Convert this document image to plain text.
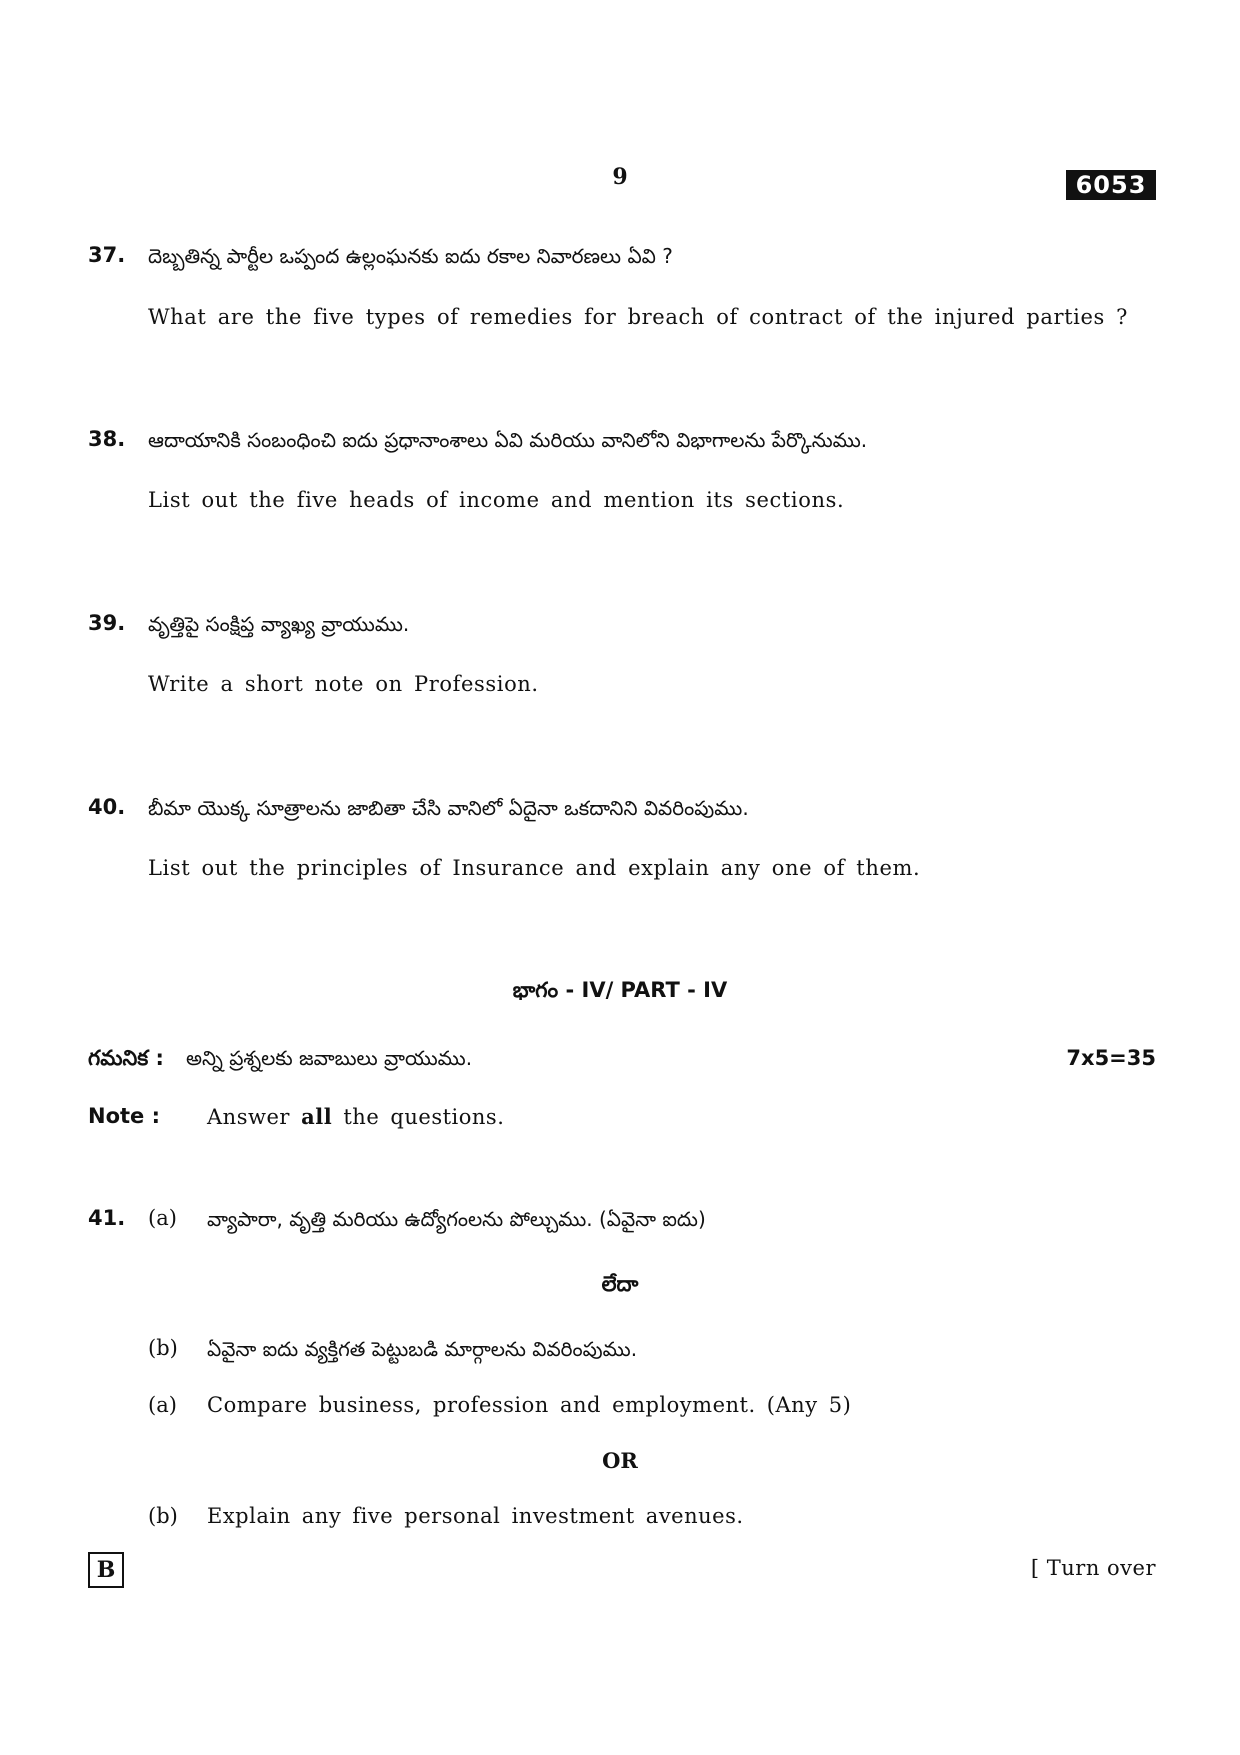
9	6053
37. దెబ్బతిన్న పార్టీల ఒప్పంద ఉల్లంఘనకు ఐదు రకాల నివారణలు ఏవి ?
What are the five types of remedies for breach of contract of the injured parties ?
38. ఆదాయానికి సంబంధించి ఐదు ప్రధానాంశాలు ఏవి మరియు వానిలోని విభాగాలను పేర్కొనుము.
List out the five heads of income and mention its sections.
39. వృత్తిపై సంక్షిప్త వ్యాఖ్య వ్రాయుము.
Write a short note on Profession.
40. బీమా యొక్క సూత్రాలను జాబితా చేసి వానిలో ఏదైనా ఒకదానిని వివరింపుము.
List out the principles of Insurance and explain any one of them.
భాగం - IV/ PART - IV
గమనిక : అన్ని ప్రశ్నలకు జవాబులు వ్రాయుము.	7x5=35
Note : Answer all the questions.
41. (a) వ్యాపారా, వృత్తి మరియు ఉద్యోగంలను పోల్చుము. (ఏవైనా ఐదు)
లేదా
(b) ఏవైనా ఐదు వ్యక్తిగత పెట్టుబడి మార్గాలను వివరింపుము.
(a) Compare business, profession and employment. (Any 5)
OR
(b) Explain any five personal investment avenues.
B	[ Turn over
